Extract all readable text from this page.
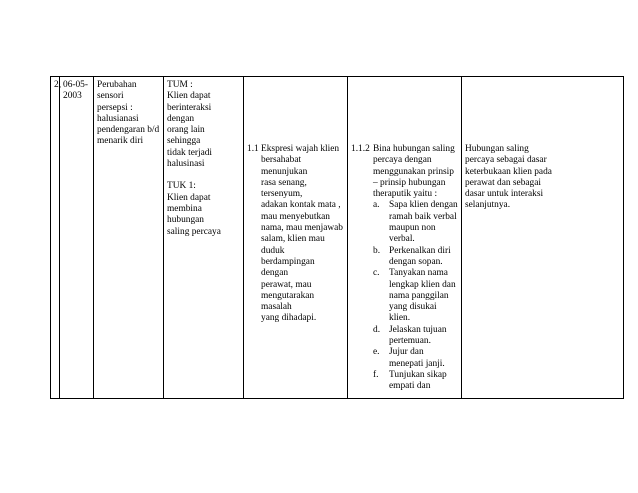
2,	06-05-
2003

Perubahan sensori
persepsi :
halusianasi
pendengaran b/d
menarik diri

TUM :
Klien dapat
berinteraksi dengan
orang lain sehingga
tidak terjadi
halusinasi
TUK 1:
Klien dapat
membina hubungan
saling percaya

1.1 Ekspresi wajah klien
bersahabat menunjukan
rasa senang, tersenyum,
adakan kontak mata ,
mau menyebutkan
nama, mau menjawab
salam, klien mau duduk
berdampingan dengan
perawat, mau
mengutarakan masalah
yang dihadapi.

1.1.2 Bina hubungan saling
percaya dengan
menggunakan prinsip
– prinsip hubungan
theraputik yaitu :
a.	Sapa klien dengan
ramah baik verbal
maupun non
verbal.
b. Perkenalkan diri
dengan sopan.
c.	Tanyakan nama
lengkap klien dan
nama panggilan
yang disukai
klien.
d. Jelaskan tujuan
pertemuan.
e.	Jujur dan
menepati janji.
f.	Tunjukan sikap
empati dan

Hubungan saling
percaya sebagai dasar
keterbukaan klien pada
perawat dan sebagai
dasar untuk interaksi
selanjutnya.
